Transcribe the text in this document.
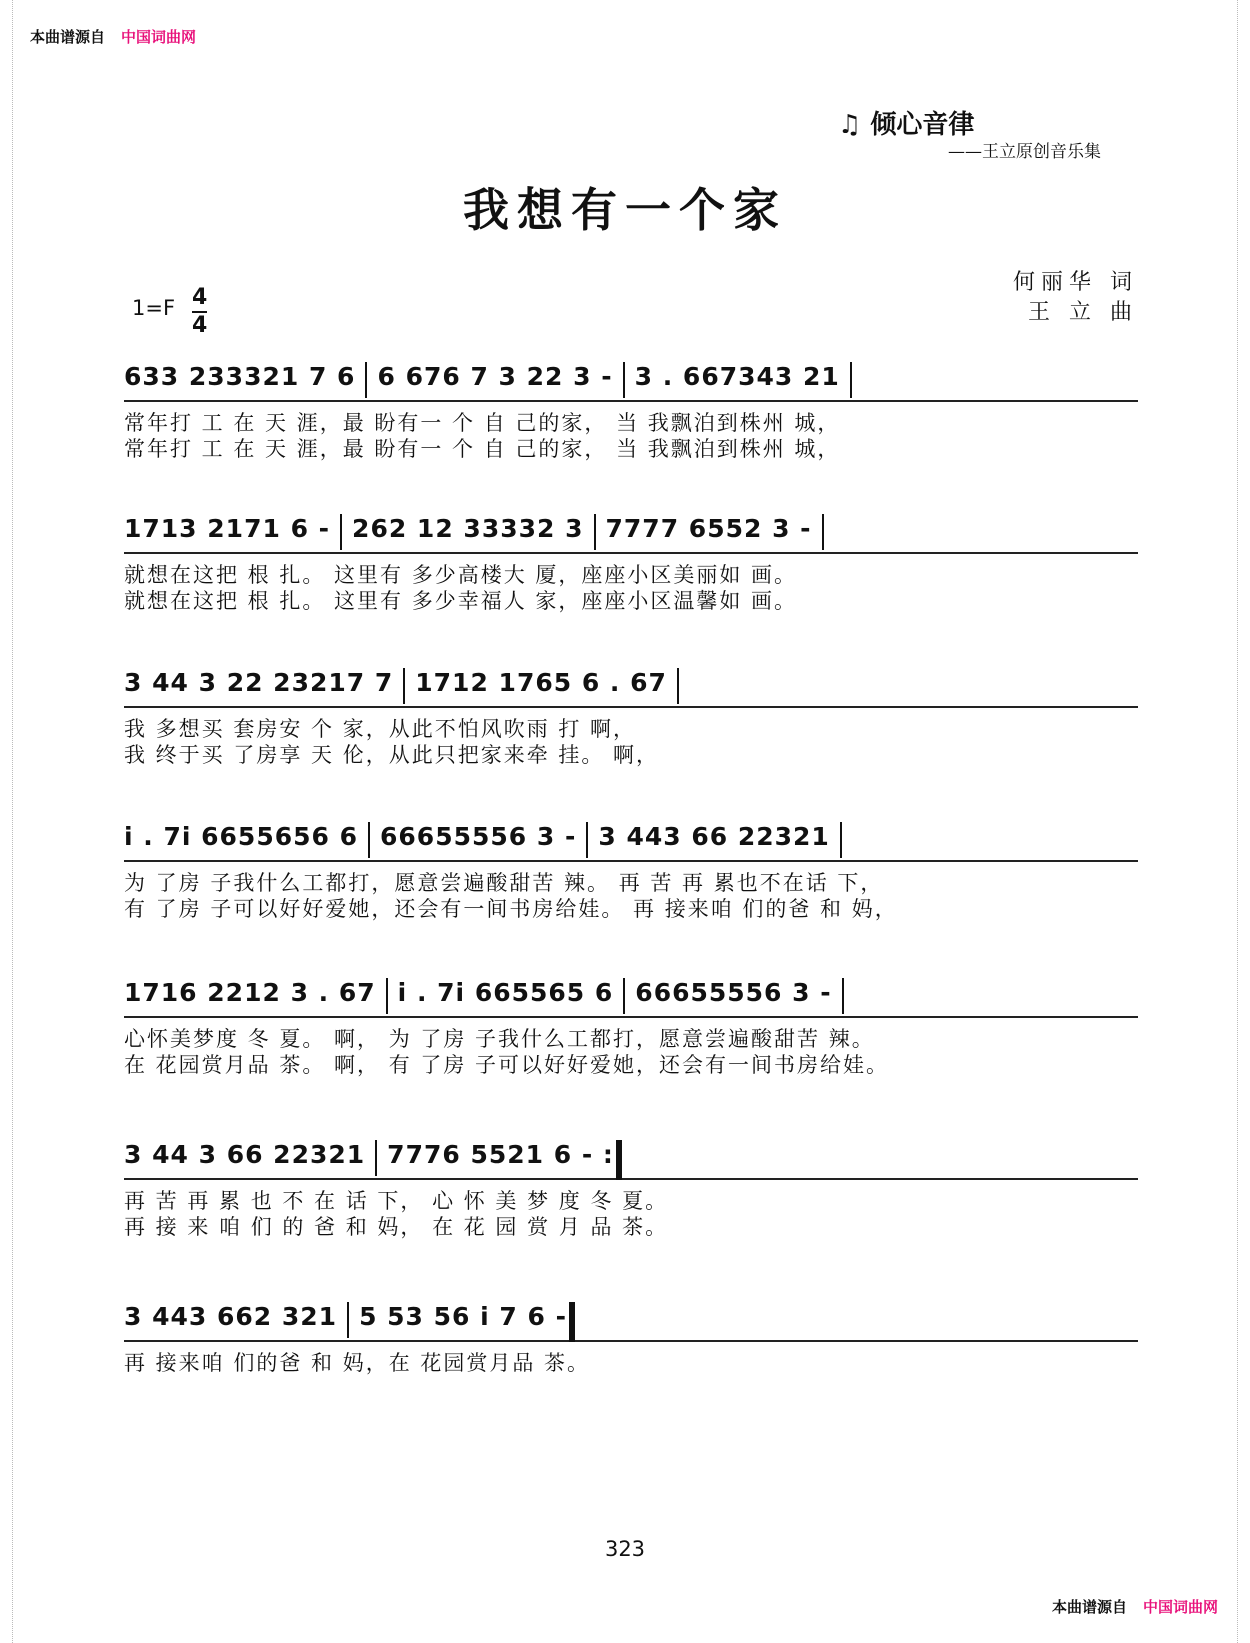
本曲谱源自 中国词曲网
♫ 倾心音律
——王立原创音乐集
我想有一个家
何丽华 词
王 立 曲
1=F 4
4
633 233321 7 6 6 676 7 3 22 3 - 3 . 667343 21
常年打 工 在 天 涯，最 盼有一 个 自 己的家， 当 我飘泊到株州 城，
常年打 工 在 天 涯，最 盼有一 个 自 己的家， 当 我飘泊到株州 城，
1713 2171 6 - 262 12 33332 3 7777 6552 3 -
就想在这把 根 扎。 这里有 多少高楼大 厦，座座小区美丽如 画。
就想在这把 根 扎。 这里有 多少幸福人 家，座座小区温馨如 画。
3 44 3 22 23217 7 1712 1765 6 . 67
我 多想买 套房安 个 家，从此不怕风吹雨 打 啊，
我 终于买 了房享 天 伦，从此只把家来牵 挂。 啊，
i . 7i 6655656 6 66655556 3 - 3 443 66 22321
为 了房 子我什么工都打，愿意尝遍酸甜苦 辣。 再 苦 再 累也不在话 下，
有 了房 子可以好好爱她，还会有一间书房给娃。 再 接来咱 们的爸 和 妈，
1716 2212 3 . 67 i . 7i 665565 6 66655556 3 -
心怀美梦度 冬 夏。 啊， 为 了房 子我什么工都打，愿意尝遍酸甜苦 辣。
在 花园赏月品 茶。 啊， 有 了房 子可以好好爱她，还会有一间书房给娃。
3 44 3 66 22321 7776 5521 6 - :
再 苦 再 累 也 不 在 话 下， 心 怀 美 梦 度 冬 夏。
再 接 来 咱 们 的 爸 和 妈， 在 花 园 赏 月 品 茶。
3 443 662 321 5 53 56 i 7 6 -
再 接来咱 们的爸 和 妈，在 花园赏月品 茶。
323
本曲谱源自 中国词曲网
